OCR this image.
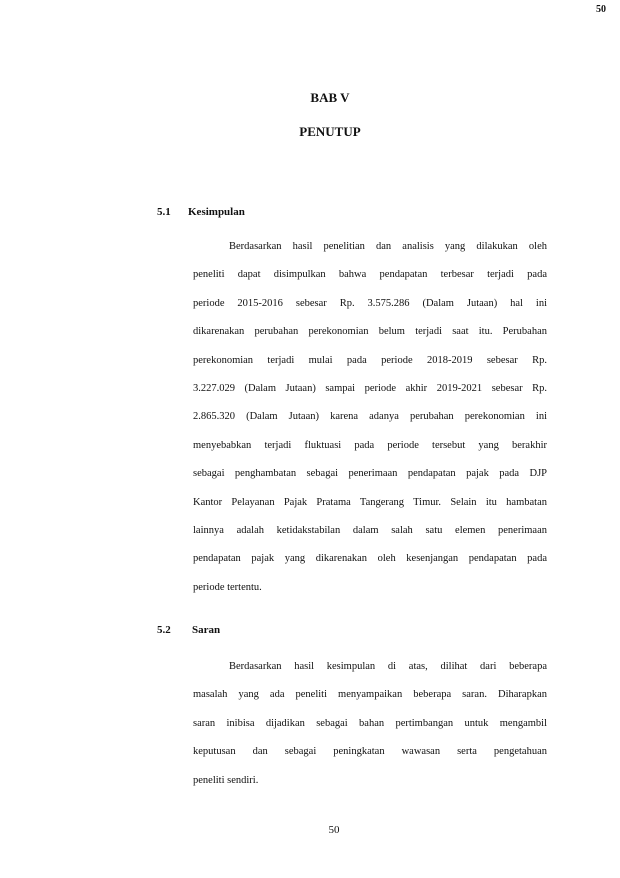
50
BAB V
PENUTUP
5.1 Kesimpulan
Berdasarkan hasil penelitian dan analisis yang dilakukan oleh
peneliti dapat disimpulkan bahwa pendapatan terbesar terjadi pada
periode 2015-2016 sebesar Rp. 3.575.286 (Dalam Jutaan) hal ini
dikarenakan perubahan perekonomian belum terjadi saat itu. Perubahan
perekonomian terjadi mulai pada periode 2018-2019 sebesar Rp.
3.227.029 (Dalam Jutaan) sampai periode akhir 2019-2021 sebesar Rp.
2.865.320 (Dalam Jutaan) karena adanya perubahan perekonomian ini
menyebabkan terjadi fluktuasi pada periode tersebut yang berakhir
sebagai penghambatan sebagai penerimaan pendapatan pajak pada DJP
Kantor Pelayanan Pajak Pratama Tangerang Timur. Selain itu hambatan
lainnya adalah ketidakstabilan dalam salah satu elemen penerimaan
pendapatan pajak yang dikarenakan oleh kesenjangan pendapatan pada
periode tertentu.
5.2 Saran
Berdasarkan hasil kesimpulan di atas, dilihat dari beberapa
masalah yang ada peneliti menyampaikan beberapa saran. Diharapkan
saran inibisa dijadikan sebagai bahan pertimbangan untuk mengambil
keputusan dan sebagai peningkatan wawasan serta pengetahuan
peneliti sendiri.
50
